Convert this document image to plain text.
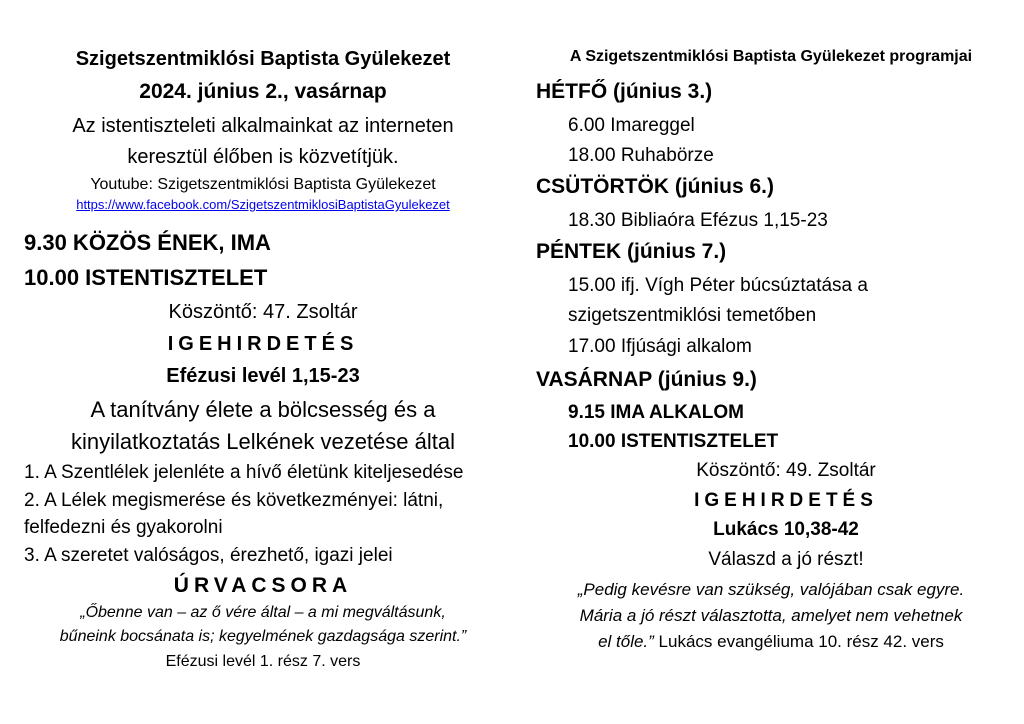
Szigetszentmiklósi Baptista Gyülekezet
2024. június 2., vasárnap
Az istentiszteleti alkalmainkat az interneten
keresztül élőben is közvetítjük.
Youtube: Szigetszentmiklósi Baptista Gyülekezet
https://www.facebook.com/SzigetszentmiklosiBaptistaGyulekezet
9.30 KÖZÖS ÉNEK, IMA
10.00 ISTENTISZTELET
Köszöntő: 47. Zsoltár
IGEHIRDETÉS
Efézusi levél 1,15-23
A tanítvány élete a bölcsesség és a
kinyilatkoztatás Lelkének vezetése által
1. A Szentlélek jelenléte a hívő életünk kiteljesedése
2. A Lélek megismerése és következményei: látni,
felfedezni és gyakorolni
3. A szeretet valóságos, érezhető, igazi jelei
ÚRVACSORA
„Őbenne van – az ő vére által – a mi megváltásunk,
bűneink bocsánata is; kegyelmének gazdagsága szerint.”
Efézusi levél 1. rész 7. vers
A Szigetszentmiklósi Baptista Gyülekezet programjai
HÉTFŐ (június 3.)
6.00 Imareggel
18.00 Ruhabörze
CSÜTÖRTÖK (június 6.)
18.30 Bibliaóra Efézus 1,15-23
PÉNTEK (június 7.)
15.00 ifj. Vígh Péter búcsúztatása a
szigetszentmiklósi temetőben
17.00 Ifjúsági alkalom
VASÁRNAP (június 9.)
9.15 IMA ALKALOM
10.00 ISTENTISZTELET
Köszöntő: 49. Zsoltár
IGEHIRDETÉS
Lukács 10,38-42
Válaszd a jó részt!
„Pedig kevésre van szükség, valójában csak egyre.
Mária a jó részt választotta, amelyet nem vehetnek
el tőle.” Lukács evangéliuma 10. rész 42. vers
